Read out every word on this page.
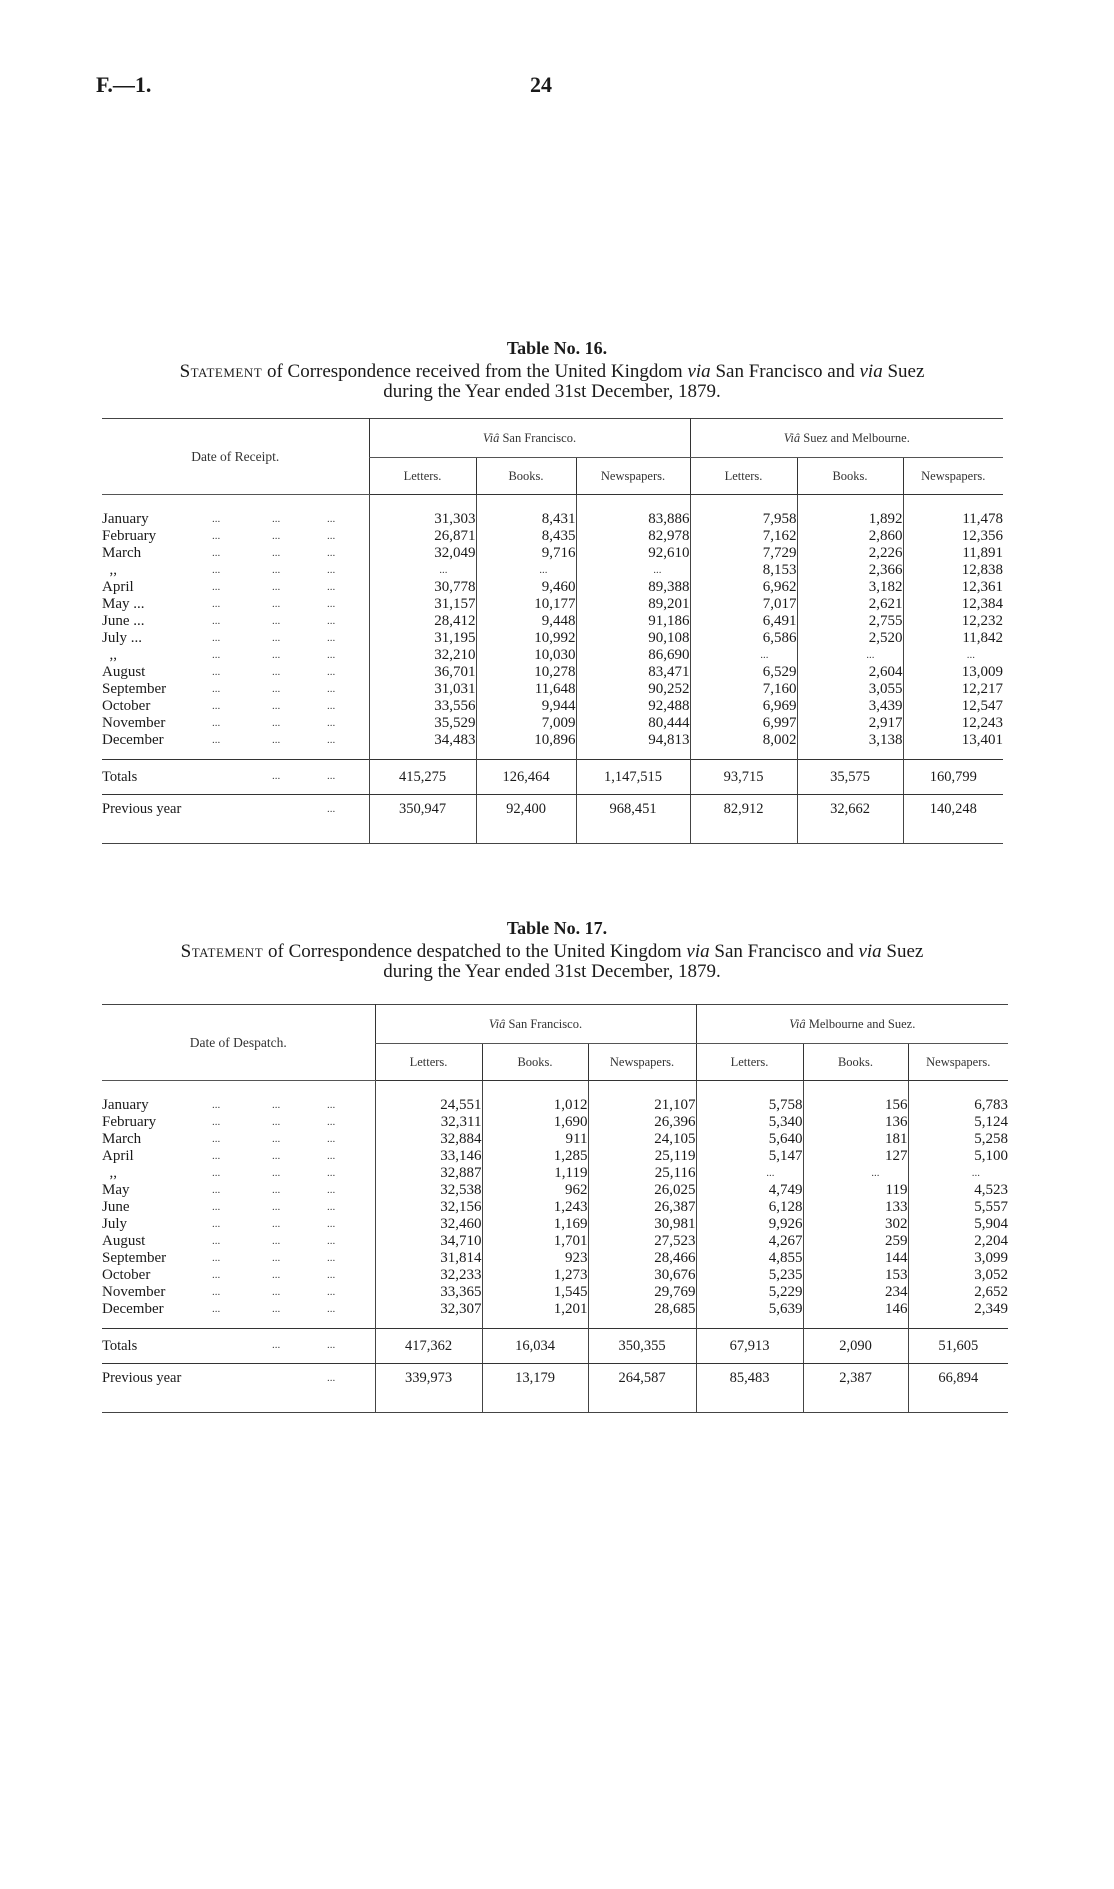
F.—1.	24
Table No. 16.
Statement of Correspondence received from the United Kingdom via San Francisco and via Suez
during the Year ended 31st December, 1879.
Date of Receipt.	Viâ San Francisco.			Viâ Suez and Melbourne.		
	Letters.	Books.	Newspapers.	Letters.	Books.	Newspapers.

January ... ... ...	31,303	8,431	83,886	7,958	1,892	11,478
February ... ... ...	26,871	8,435	82,978	7,162	2,860	12,356
March ... ... ...	32,049	9,716	92,610	7,729	2,226	11,891
,, ... ... ...	...	...	...	8,153	2,366	12,838
April ... ... ...	30,778	9,460	89,388	6,962	3,182	12,361
May ... ... ... ...	31,157	10,177	89,201	7,017	2,621	12,384
June ... ... ... ...	28,412	9,448	91,186	6,491	2,755	12,232
July ... ... ... ...	31,195	10,992	90,108	6,586	2,520	11,842
,, ... ... ...	32,210	10,030	86,690	...	...	...
August ... ... ...	36,701	10,278	83,471	6,529	2,604	13,009
September ... ... ...	31,031	11,648	90,252	7,160	3,055	12,217
October ... ... ...	33,556	9,944	92,488	6,969	3,439	12,547
November ... ... ...	35,529	7,009	80,444	6,997	2,917	12,243
December ... ... ...	34,483	10,896	94,813	8,002	3,138	13,401

Totals ... ...	415,275	126,464	1,147,515	93,715	35,575	160,799
Previous year ...	350,947	92,400	968,451	82,912	32,662	140,248

Table No. 17.
Statement of Correspondence despatched to the United Kingdom via San Francisco and via Suez
during the Year ended 31st December, 1879.
Date of Despatch.	Viâ San Francisco.			Viâ Melbourne and Suez.		
	Letters.	Books.	Newspapers.	Letters.	Books.	Newspapers.

January ... ... ...	24,551	1,012	21,107	5,758	156	6,783
February ... ... ...	32,311	1,690	26,396	5,340	136	5,124
March ... ... ...	32,884	911	24,105	5,640	181	5,258
April ... ... ...	33,146	1,285	25,119	5,147	127	5,100
,, ... ... ...	32,887	1,119	25,116	...	...	...
May ... ... ...	32,538	962	26,025	4,749	119	4,523
June ... ... ...	32,156	1,243	26,387	6,128	133	5,557
July ... ... ...	32,460	1,169	30,981	9,926	302	5,904
August ... ... ...	34,710	1,701	27,523	4,267	259	2,204
September ... ... ...	31,814	923	28,466	4,855	144	3,099
October ... ... ...	32,233	1,273	30,676	5,235	153	3,052
November ... ... ...	33,365	1,545	29,769	5,229	234	2,652
December ... ... ...	32,307	1,201	28,685	5,639	146	2,349

Totals ... ...	417,362	16,034	350,355	67,913	2,090	51,605
Previous year ...	339,973	13,179	264,587	85,483	2,387	66,894
